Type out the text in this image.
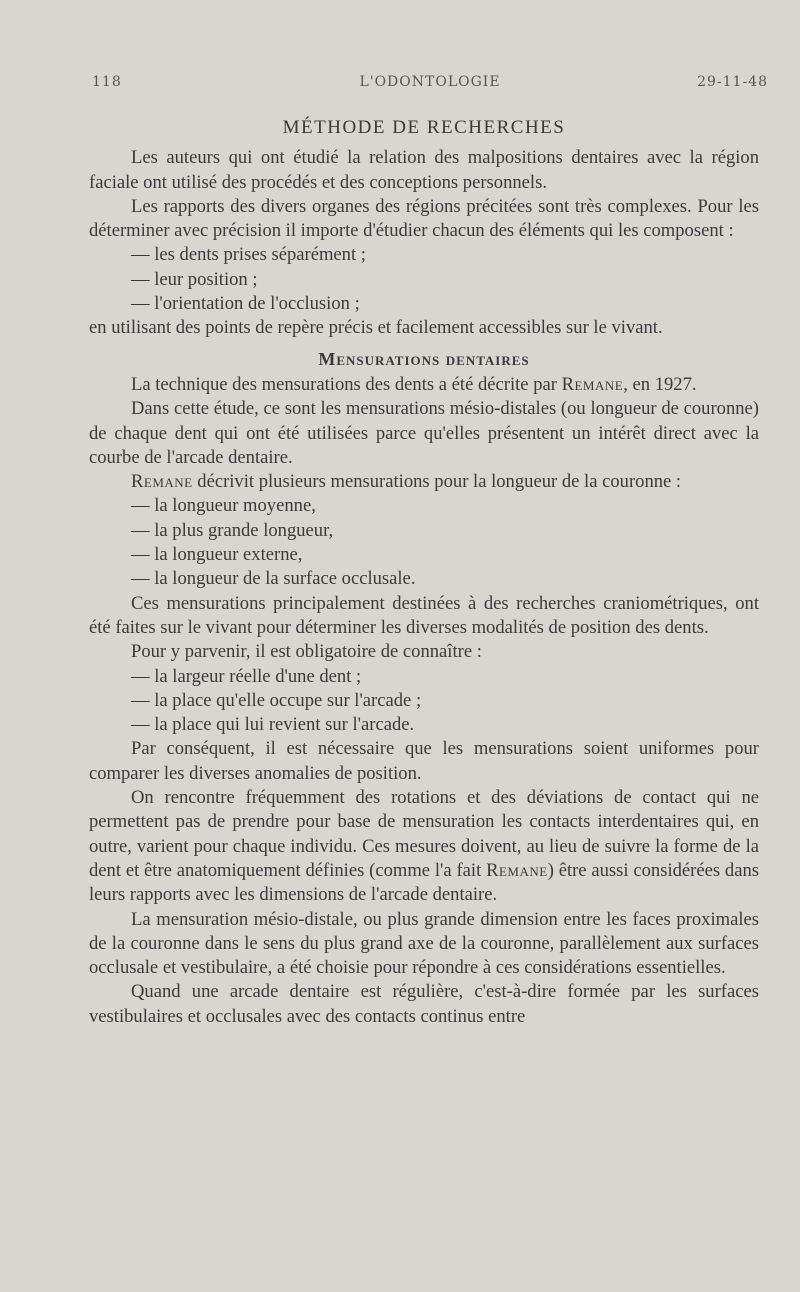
118	L'ODONTOLOGIE	29-11-48
MÉTHODE DE RECHERCHES

Les auteurs qui ont étudié la relation des malpositions dentaires avec la région faciale ont utilisé des procédés et des conceptions personnels.

Les rapports des divers organes des régions précitées sont très complexes. Pour les déterminer avec précision il importe d'étudier chacun des éléments qui les composent :

— les dents prises séparément ;

— leur position ;

— l'orientation de l'occlusion ;

en utilisant des points de repère précis et facilement accessibles sur le vivant.

Mensurations dentaires

La technique des mensurations des dents a été décrite par Remane, en 1927.

Dans cette étude, ce sont les mensurations mésio-distales (ou longueur de couronne) de chaque dent qui ont été utilisées parce qu'elles présentent un intérêt direct avec la courbe de l'arcade dentaire.

Remane décrivit plusieurs mensurations pour la longueur de la couronne :

— la longueur moyenne,

— la plus grande longueur,

— la longueur externe,

— la longueur de la surface occlusale.

Ces mensurations principalement destinées à des recherches craniométriques, ont été faites sur le vivant pour déterminer les diverses modalités de position des dents.

Pour y parvenir, il est obligatoire de connaître :

— la largeur réelle d'une dent ;

— la place qu'elle occupe sur l'arcade ;

— la place qui lui revient sur l'arcade.

Par conséquent, il est nécessaire que les mensurations soient uniformes pour comparer les diverses anomalies de position.

On rencontre fréquemment des rotations et des déviations de contact qui ne permettent pas de prendre pour base de mensuration les contacts interdentaires qui, en outre, varient pour chaque individu. Ces mesures doivent, au lieu de suivre la forme de la dent et être anatomiquement définies (comme l'a fait Remane) être aussi considérées dans leurs rapports avec les dimensions de l'arcade dentaire.

La mensuration mésio-distale, ou plus grande dimension entre les faces proximales de la couronne dans le sens du plus grand axe de la couronne, parallèlement aux surfaces occlusale et vestibulaire, a été choisie pour répondre à ces considérations essentielles.

Quand une arcade dentaire est régulière, c'est-à-dire formée par les surfaces vestibulaires et occlusales avec des contacts continus entre
